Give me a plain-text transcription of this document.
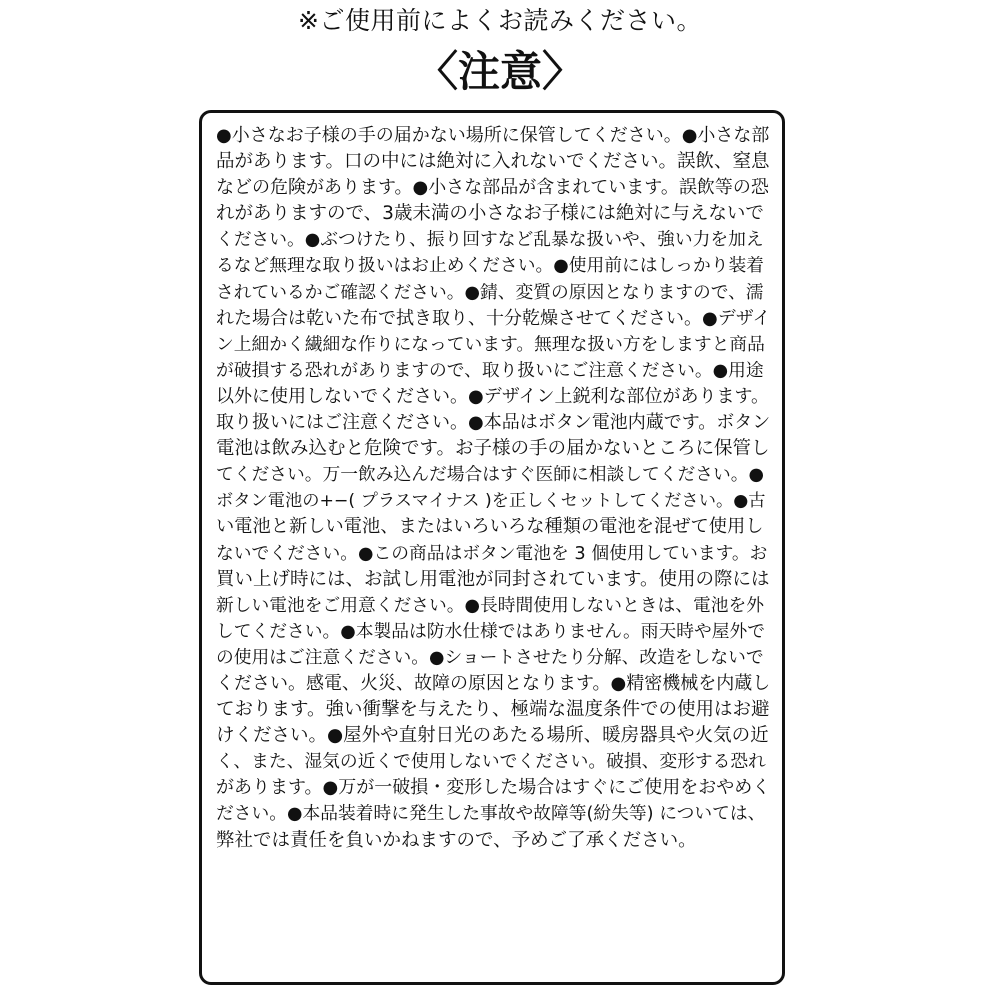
※ご使用前によくお読みください。
〈注意〉
●小さなお子様の手の届かない場所に保管してください。●小さな部
品があります。口の中には絶対に入れないでください。誤飲、窒息
などの危険があります。●小さな部品が含まれています。誤飲等の恐
れがありますので、3歳未満の小さなお子様には絶対に与えないで
ください。●ぶつけたり、振り回すなど乱暴な扱いや、強い力を加え
るなど無理な取り扱いはお止めください。●使用前にはしっかり装着
されているかご確認ください。●錆、変質の原因となりますので、濡
れた場合は乾いた布で拭き取り、十分乾燥させてください。●デザイ
ン上細かく繊細な作りになっています。無理な扱い方をしますと商品
が破損する恐れがありますので、取り扱いにご注意ください。●用途
以外に使用しないでください。●デザイン上鋭利な部位があります。
取り扱いにはご注意ください。●本品はボタン電池内蔵です。ボタン
電池は飲み込むと危険です。お子様の手の届かないところに保管し
てください。万一飲み込んだ場合はすぐ医師に相談してください。●
ボタン電池の+−( プラスマイナス )を正しくセットしてください。●古
い電池と新しい電池、またはいろいろな種類の電池を混ぜて使用し
ないでください。●この商品はボタン電池を 3 個使用しています。お
買い上げ時には、お試し用電池が同封されています。使用の際には
新しい電池をご用意ください。●長時間使用しないときは、電池を外
してください。●本製品は防水仕様ではありません。雨天時や屋外で
の使用はご注意ください。●ショートさせたり分解、改造をしないで
ください。感電、火災、故障の原因となります。●精密機械を内蔵し
ております。強い衝撃を与えたり、極端な温度条件での使用はお避
けください。●屋外や直射日光のあたる場所、暖房器具や火気の近
く、また、湿気の近くで使用しないでください。破損、変形する恐れ
があります。●万が一破損・変形した場合はすぐにご使用をおやめく
ださい。●本品装着時に発生した事故や故障等(紛失等) については、
弊社では責任を負いかねますので、予めご了承ください。
